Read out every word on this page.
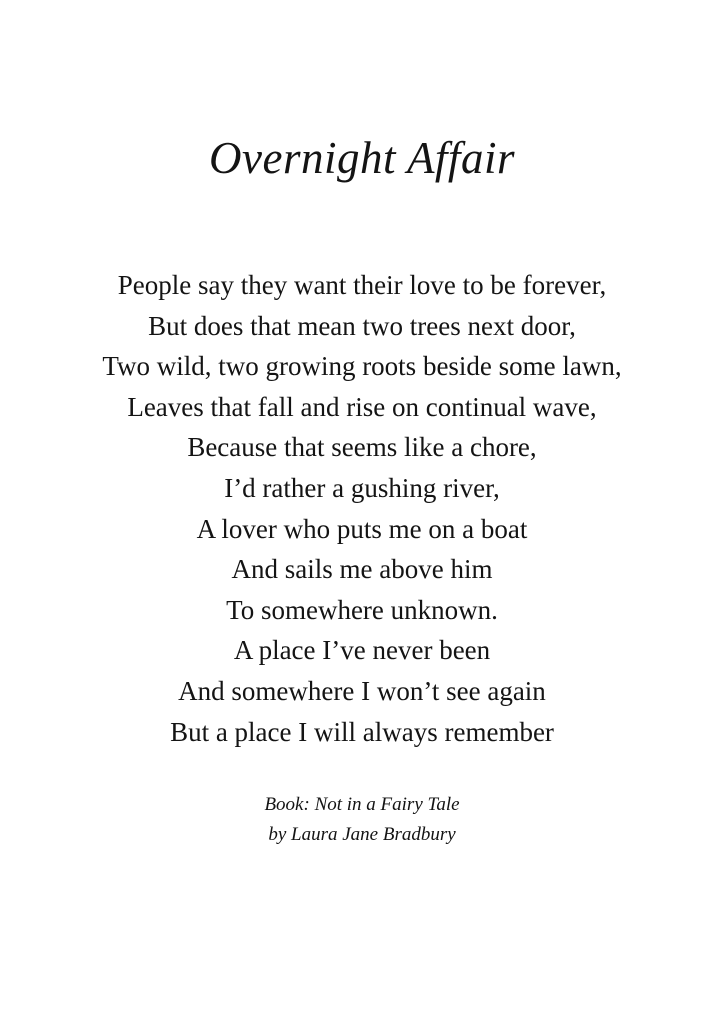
Overnight Affair
People say they want their love to be forever,
But does that mean two trees next door,
Two wild, two growing roots beside some lawn,
Leaves that fall and rise on continual wave,
Because that seems like a chore,
I’d rather a gushing river,
A lover who puts me on a boat
And sails me above him
To somewhere unknown.
A place I’ve never been
And somewhere I won’t see again
But a place I will always remember
Book: Not in a Fairy Tale
by Laura Jane Bradbury
